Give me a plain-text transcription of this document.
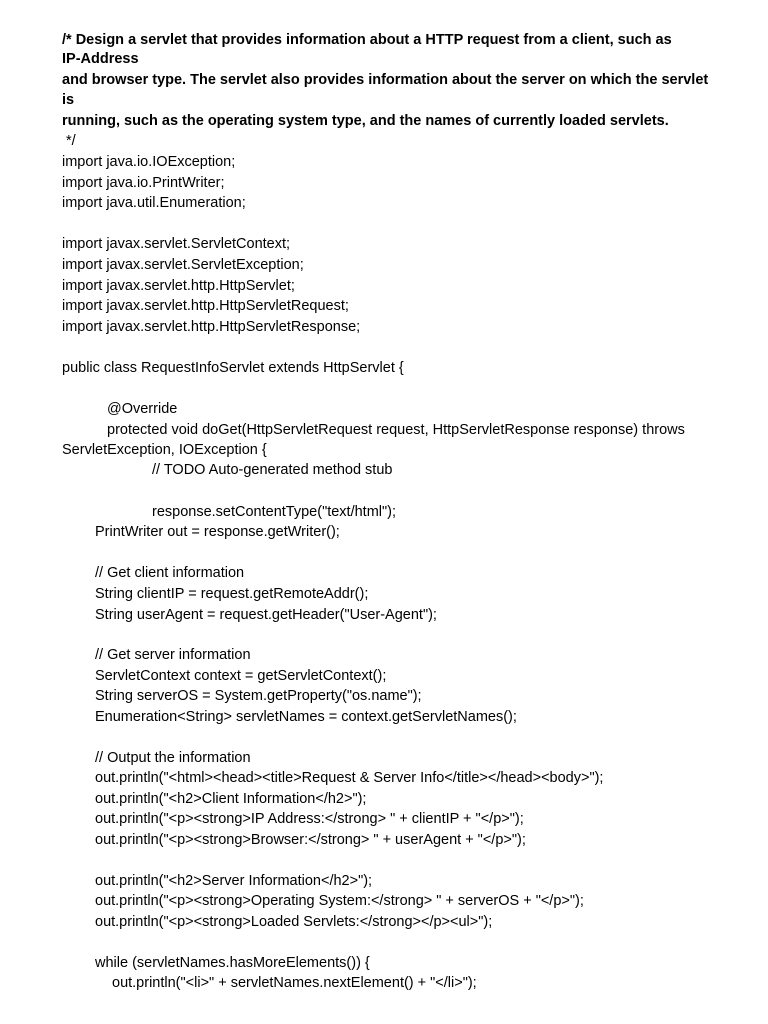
/* Design a servlet that provides information about a HTTP request from a client, such as
IP-Address
and browser type. The servlet also provides information about the server on which the servlet
is
running, such as the operating system type, and the names of currently loaded servlets.
*/
import java.io.IOException;
import java.io.PrintWriter;
import java.util.Enumeration;
import javax.servlet.ServletContext;
import javax.servlet.ServletException;
import javax.servlet.http.HttpServlet;
import javax.servlet.http.HttpServletRequest;
import javax.servlet.http.HttpServletResponse;
public class RequestInfoServlet extends HttpServlet {
@Override
protected void doGet(HttpServletRequest request, HttpServletResponse response) throws
ServletException, IOException {
// TODO Auto-generated method stub
response.setContentType("text/html");
PrintWriter out = response.getWriter();
// Get client information
String clientIP = request.getRemoteAddr();
String userAgent = request.getHeader("User-Agent");
// Get server information
ServletContext context = getServletContext();
String serverOS = System.getProperty("os.name");
Enumeration<String> servletNames = context.getServletNames();
// Output the information
out.println("<html><head><title>Request & Server Info</title></head><body>");
out.println("<h2>Client Information</h2>");
out.println("<p><strong>IP Address:</strong> " + clientIP + "</p>");
out.println("<p><strong>Browser:</strong> " + userAgent + "</p>");
out.println("<h2>Server Information</h2>");
out.println("<p><strong>Operating System:</strong> " + serverOS + "</p>");
out.println("<p><strong>Loaded Servlets:</strong></p><ul>");
while (servletNames.hasMoreElements()) {
out.println("<li>" + servletNames.nextElement() + "</li>");
